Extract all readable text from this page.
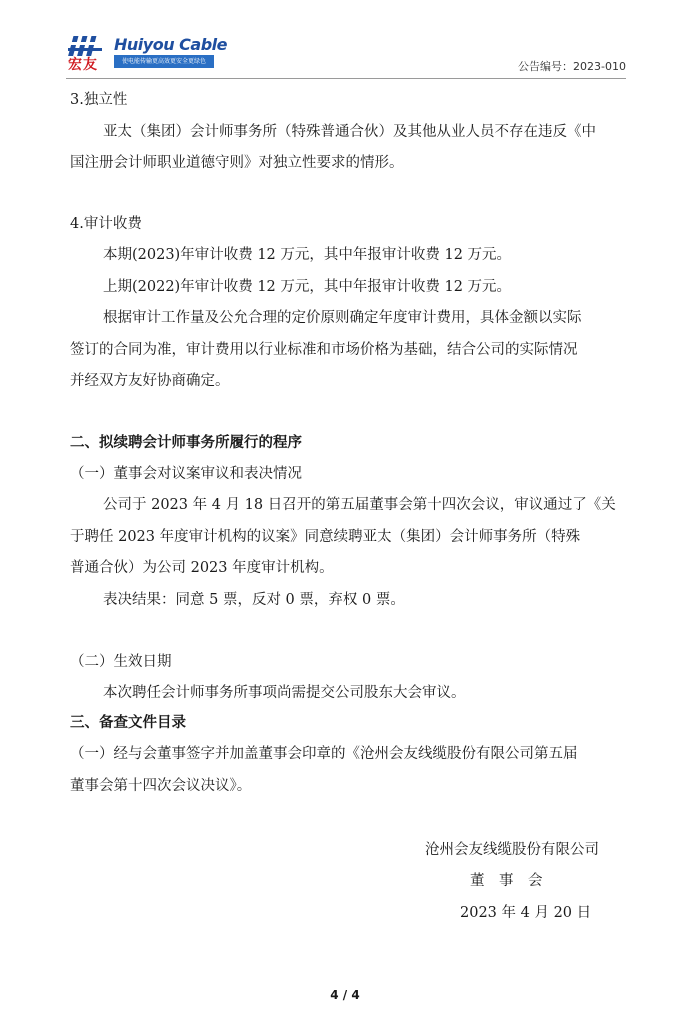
宏友
Huiyou Cable
使电能传输更高效更安全更绿色	公告编号：2023-010
3.独立性
亚太（集团）会计师事务所（特殊普通合伙）及其他从业人员不存在违反《中
国注册会计师职业道德守则》对独立性要求的情形。
4.审计收费
本期(2023)年审计收费 12 万元，其中年报审计收费 12 万元。
上期(2022)年审计收费 12 万元，其中年报审计收费 12 万元。
根据审计工作量及公允合理的定价原则确定年度审计费用，具体金额以实际
签订的合同为准，审计费用以行业标准和市场价格为基础，结合公司的实际情况
并经双方友好协商确定。
二、拟续聘会计师事务所履行的程序
（一）董事会对议案审议和表决情况
公司于 2023 年 4 月 18 日召开的第五届董事会第十四次会议，审议通过了《关
于聘任 2023 年度审计机构的议案》同意续聘亚太（集团）会计师事务所（特殊
普通合伙）为公司 2023 年度审计机构。
表决结果：同意 5 票，反对 0 票，弃权 0 票。
（二）生效日期
本次聘任会计师事务所事项尚需提交公司股东大会审议。
三、备查文件目录
（一）经与会董事签字并加盖董事会印章的《沧州会友线缆股份有限公司第五届
董事会第十四次会议决议》。
沧州会友线缆股份有限公司
董　事　会
2023 年 4 月 20 日
4 / 4
